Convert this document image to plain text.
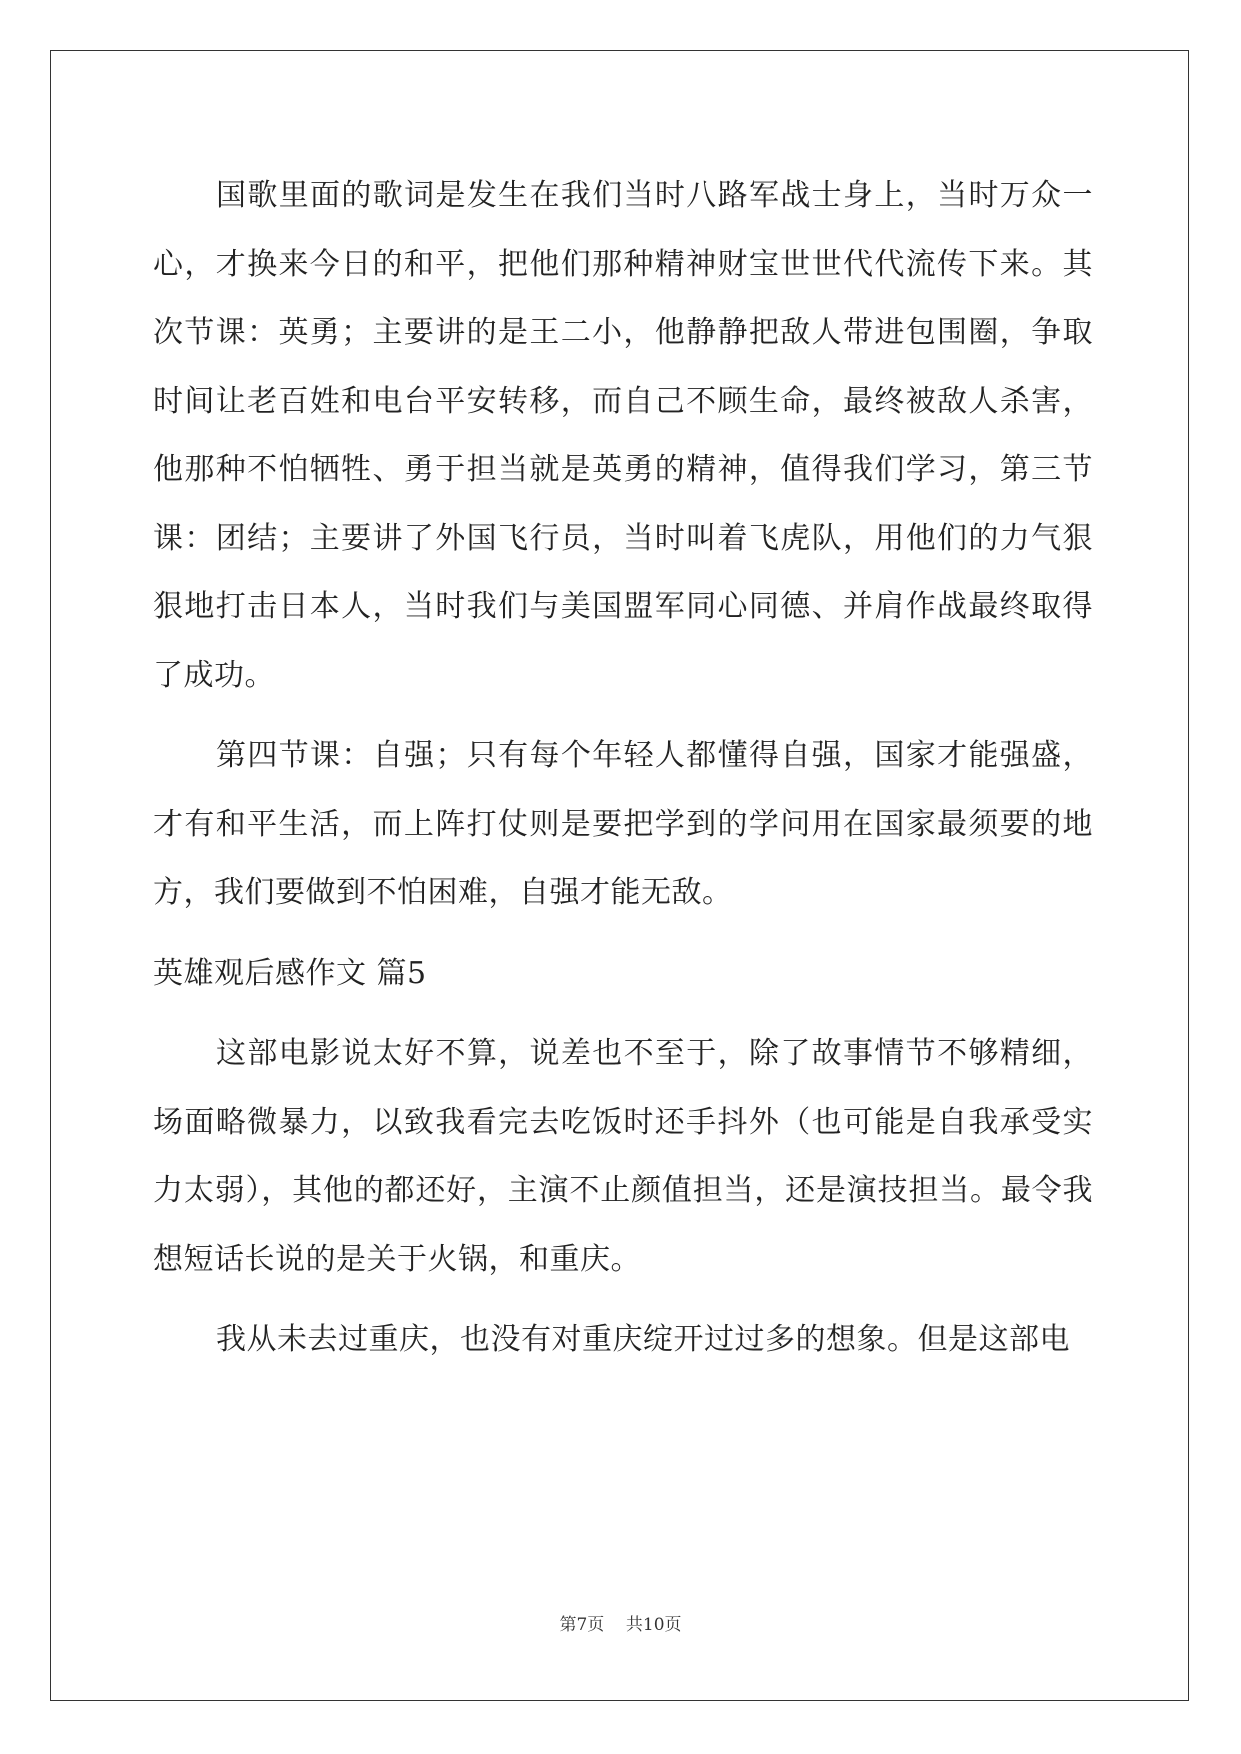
国歌里面的歌词是发生在我们当时八路军战士身上，当时万众一心，才换来今日的和平，把他们那种精神财宝世世代代流传下来。其次节课：英勇；主要讲的是王二小，他静静把敌人带进包围圈，争取时间让老百姓和电台平安转移，而自己不顾生命，最终被敌人杀害，他那种不怕牺牲、勇于担当就是英勇的精神，值得我们学习，第三节课：团结；主要讲了外国飞行员，当时叫着飞虎队，用他们的力气狠狠地打击日本人，当时我们与美国盟军同心同德、并肩作战最终取得了成功。

第四节课：自强；只有每个年轻人都懂得自强，国家才能强盛，才有和平生活，而上阵打仗则是要把学到的学问用在国家最须要的地方，我们要做到不怕困难，自强才能无敌。

英雄观后感作文 篇5

这部电影说太好不算，说差也不至于，除了故事情节不够精细，场面略微暴力，以致我看完去吃饭时还手抖外（也可能是自我承受实力太弱），其他的都还好，主演不止颜值担当，还是演技担当。最令我想短话长说的是关于火锅，和重庆。

我从未去过重庆，也没有对重庆绽开过过多的想象。但是这部电

第7页 共10页
